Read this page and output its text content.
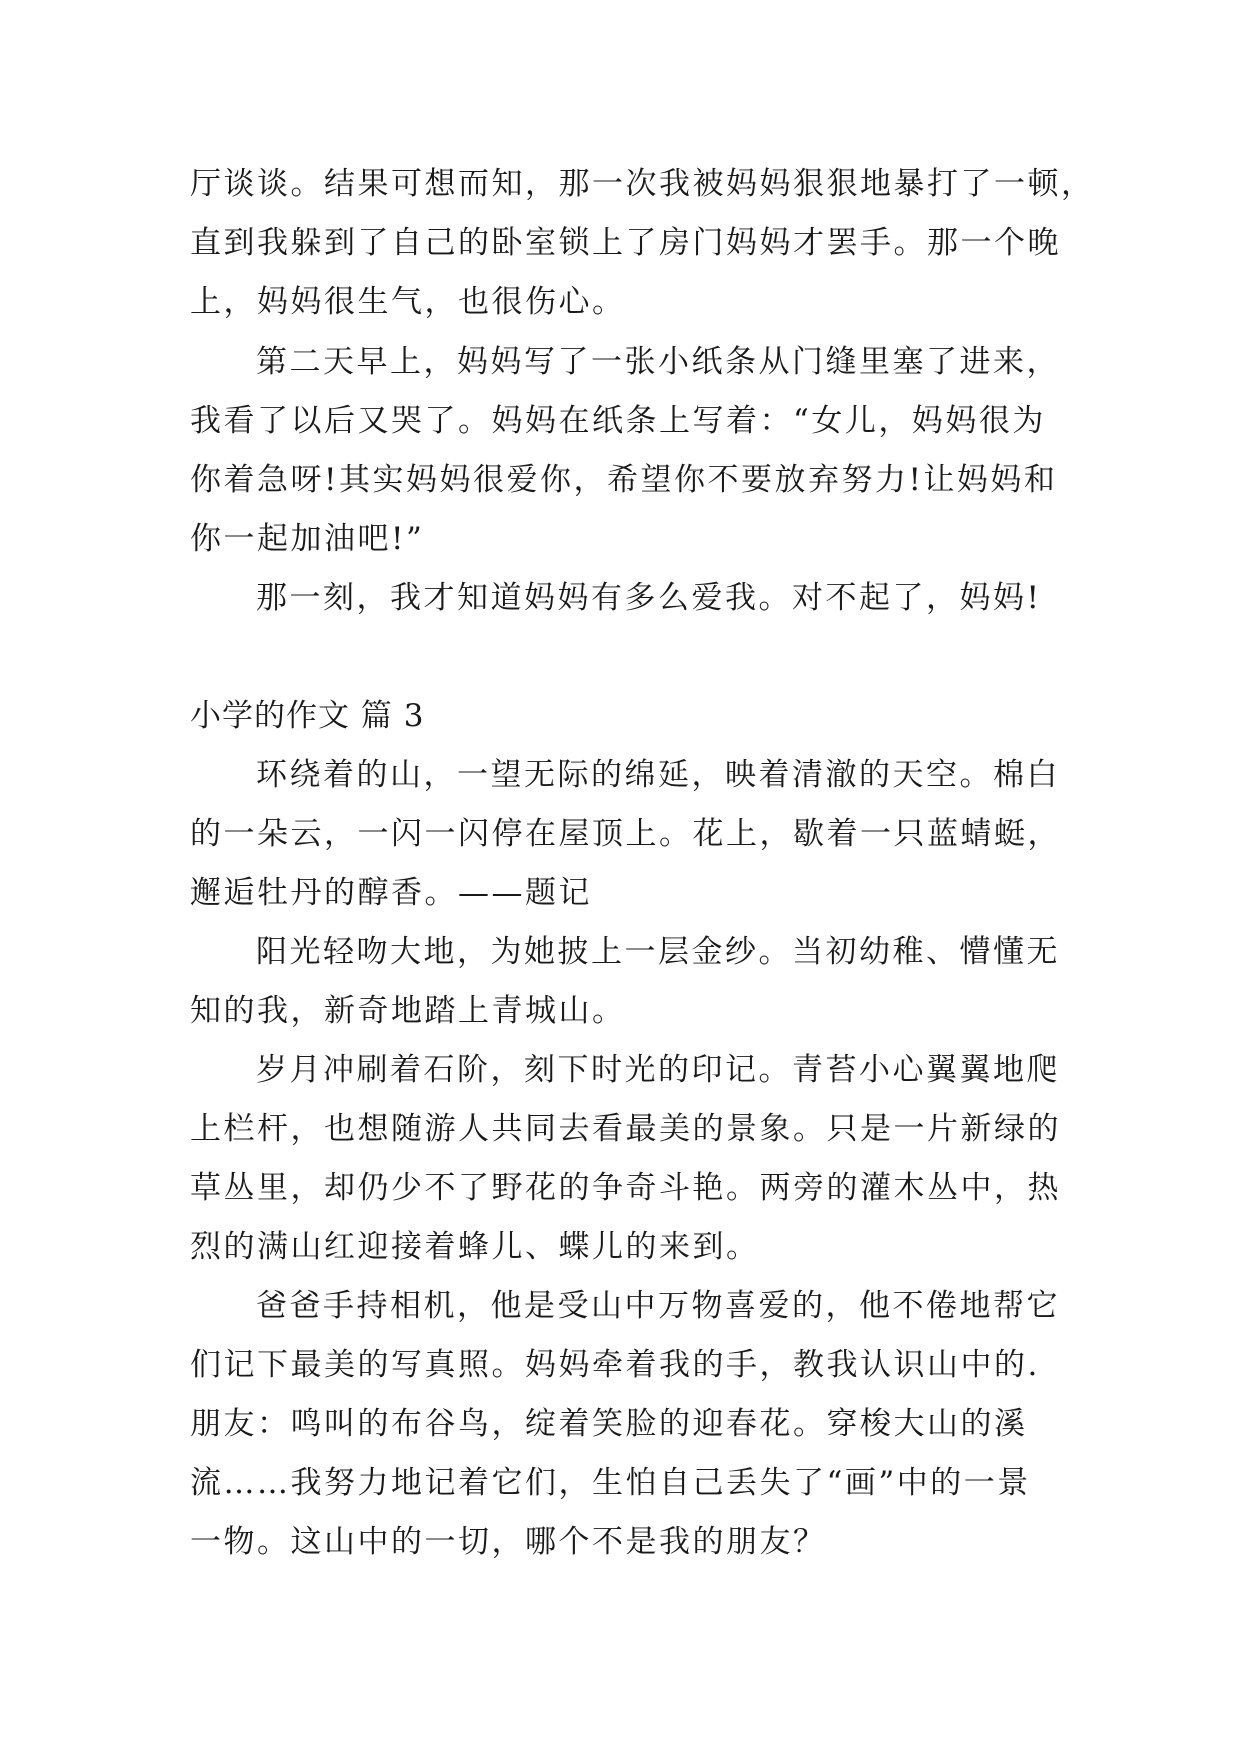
厅谈谈。结果可想而知，那一次我被妈妈狠狠地暴打了一顿，
直到我躲到了自己的卧室锁上了房门妈妈才罢手。那一个晚
上，妈妈很生气，也很伤心。
第二天早上，妈妈写了一张小纸条从门缝里塞了进来，
我看了以后又哭了。妈妈在纸条上写着：“女儿，妈妈很为
你着急呀!其实妈妈很爱你，希望你不要放弃努力!让妈妈和
你一起加油吧!”
那一刻，我才知道妈妈有多么爱我。对不起了，妈妈!
小学的作文 篇 3
环绕着的山，一望无际的绵延，映着清澈的天空。棉白
的一朵云，一闪一闪停在屋顶上。花上，歇着一只蓝蜻蜓，
邂逅牡丹的醇香。——题记
阳光轻吻大地，为她披上一层金纱。当初幼稚、懵懂无
知的我，新奇地踏上青城山。
岁月冲刷着石阶，刻下时光的印记。青苔小心翼翼地爬
上栏杆，也想随游人共同去看最美的景象。只是一片新绿的
草丛里，却仍少不了野花的争奇斗艳。两旁的灌木丛中，热
烈的满山红迎接着蜂儿、蝶儿的来到。
爸爸手持相机，他是受山中万物喜爱的，他不倦地帮它
们记下最美的写真照。妈妈牵着我的手，教我认识山中的.
朋友：鸣叫的布谷鸟，绽着笑脸的迎春花。穿梭大山的溪
流……我努力地记着它们，生怕自己丢失了“画”中的一景
一物。这山中的一切，哪个不是我的朋友？
